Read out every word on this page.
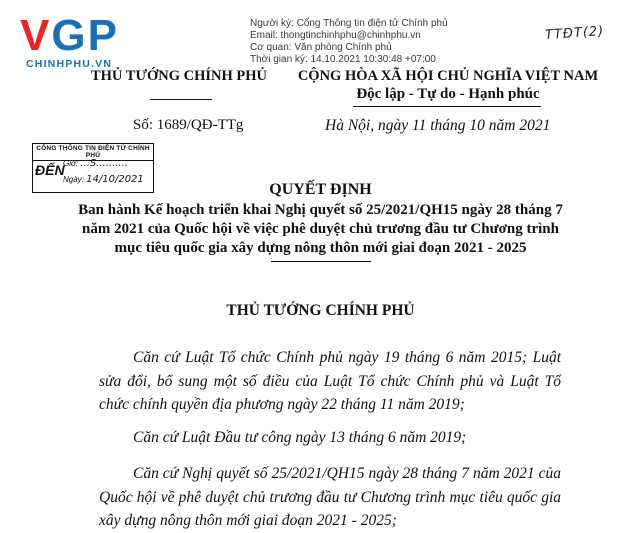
VGP
CHINHPHU.VN
Người ký: Cổng Thông tin điện tử Chính phủ
Email: thongtinchinhphu@chinhphu.vn
Cơ quan: Văn phòng Chính phủ
Thời gian ký: 14.10.2021 10:30:48 +07:00
TTĐT(2)
THỦ TƯỚNG CHÍNH PHỦ	CỘNG HÒA XÃ HỘI CHỦ NGHĨA VIỆT NAM
Độc lập - Tự do - Hạnh phúc
Số: 1689/QĐ-TTg	Hà Nội, ngày 11 tháng 10 năm 2021
CỔNG THÔNG TIN ĐIỆN TỬ CHÍNH PHỦ
ĐẾN
Giờ: ...S..........
Ngày: 14/10/2021
QUYẾT ĐỊNH
Ban hành Kế hoạch triển khai Nghị quyết số 25/2021/QH15 ngày 28 tháng 7
năm 2021 của Quốc hội về việc phê duyệt chủ trương đầu tư Chương trình
mục tiêu quốc gia xây dựng nông thôn mới giai đoạn 2021 - 2025
THỦ TƯỚNG CHÍNH PHỦ
Căn cứ Luật Tổ chức Chính phủ ngày 19 tháng 6 năm 2015; Luật sửa đổi, bổ sung một số điều của Luật Tổ chức Chính phủ và Luật Tổ chức chính quyền địa phương ngày 22 tháng 11 năm 2019;
Căn cứ Luật Đầu tư công ngày 13 tháng 6 năm 2019;
Căn cứ Nghị quyết số 25/2021/QH15 ngày 28 tháng 7 năm 2021 của Quốc hội về phê duyệt chủ trương đầu tư Chương trình mục tiêu quốc gia xây dựng nông thôn mới giai đoạn 2021 - 2025;
